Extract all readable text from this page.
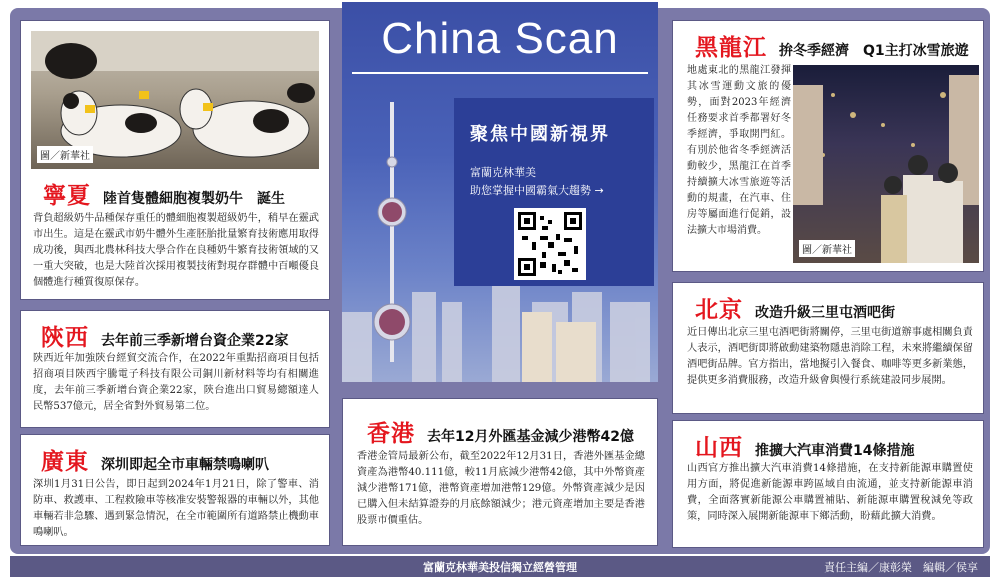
圖／新華社
寧夏 陸首隻體細胞複製奶牛　誕生
背負超級奶牛品種保存重任的體細胞複製超級奶牛，稍早在靈武市出生。這是在靈武市奶牛體外生產胚胎批量繁育技術應用取得成功後，與西北農林科技大學合作在良種奶牛繁育技術領域的又一重大突破，也是大陸首次採用複製技術對現存群體中百噸優良個體進行種質復原保存。
陝西 去年前三季新增台資企業22家
陝西近年加強陝台經貿交流合作，在2022年重點招商項目包括招商項目陝西宇騰電子科技有限公司銅川新材料等均有相關進度，去年前三季新增台資企業22家，陝台進出口貿易總額達人民幣537億元，居全省對外貿易第二位。
廣東 深圳即起全市車輛禁鳴喇叭
深圳1月31日公告，即日起到2024年1月21日，除了警車、消防車、救護車、工程救險車等核准安裝警報器的車輛以外，其他車輛若非急驟、遇到緊急情況，在全市範圍所有道路禁止機動車鳴喇叭。
China Scan
聚焦中國新視界
富蘭克林華美
助您掌握中國霸氣大趨勢 →
香港 去年12月外匯基金減少港幣42億
香港金管局最新公布，截至2022年12月31日，香港外匯基金總資產為港幣40.111億，較11月底減少港幣42億，其中外幣資產減少港幣171億，港幣資產增加港幣129億。外幣資產減少是因已購入但未結算證券的月底餘額減少；港元資產增加主要是香港股票市價重估。
黑龍江 拚冬季經濟　Q1主打冰雪旅遊
地處東北的黑龍江發揮其冰雪運動文旅的優勢，面對2023年經濟任務要求首季都署好冬季經濟，爭取開門紅。有別於他省冬季經濟活動較少，黑龍江在首季持續擴大冰雪旅遊等活動的規畫，在汽車、住房等屬面進行促銷，設法擴大市場消費。
圖／新華社
北京 改造升級三里屯酒吧街
近日傳出北京三里屯酒吧街將關停，三里屯街道辦事處相關負責人表示，酒吧街即將啟動建築物隱患消除工程，未來將繼續保留酒吧街品牌。官方指出，當地擬引入餐食、咖啡等更多新業態，提供更多消費服務，改造升級會與慢行系統建設同步展開。
山西 推擴大汽車消費14條措施
山西官方推出擴大汽車消費14條措施，在支持新能源車購置使用方面，將促進新能源車跨區域自由流通，並支持新能源車消費，全面落實新能源公車購置補貼、新能源車購置稅減免等政策，同時深入展開新能源車下鄉活動，盼藉此擴大消費。
富蘭克林華美投信獨立經營管理	責任主編／康彰榮　編輯／侯享
